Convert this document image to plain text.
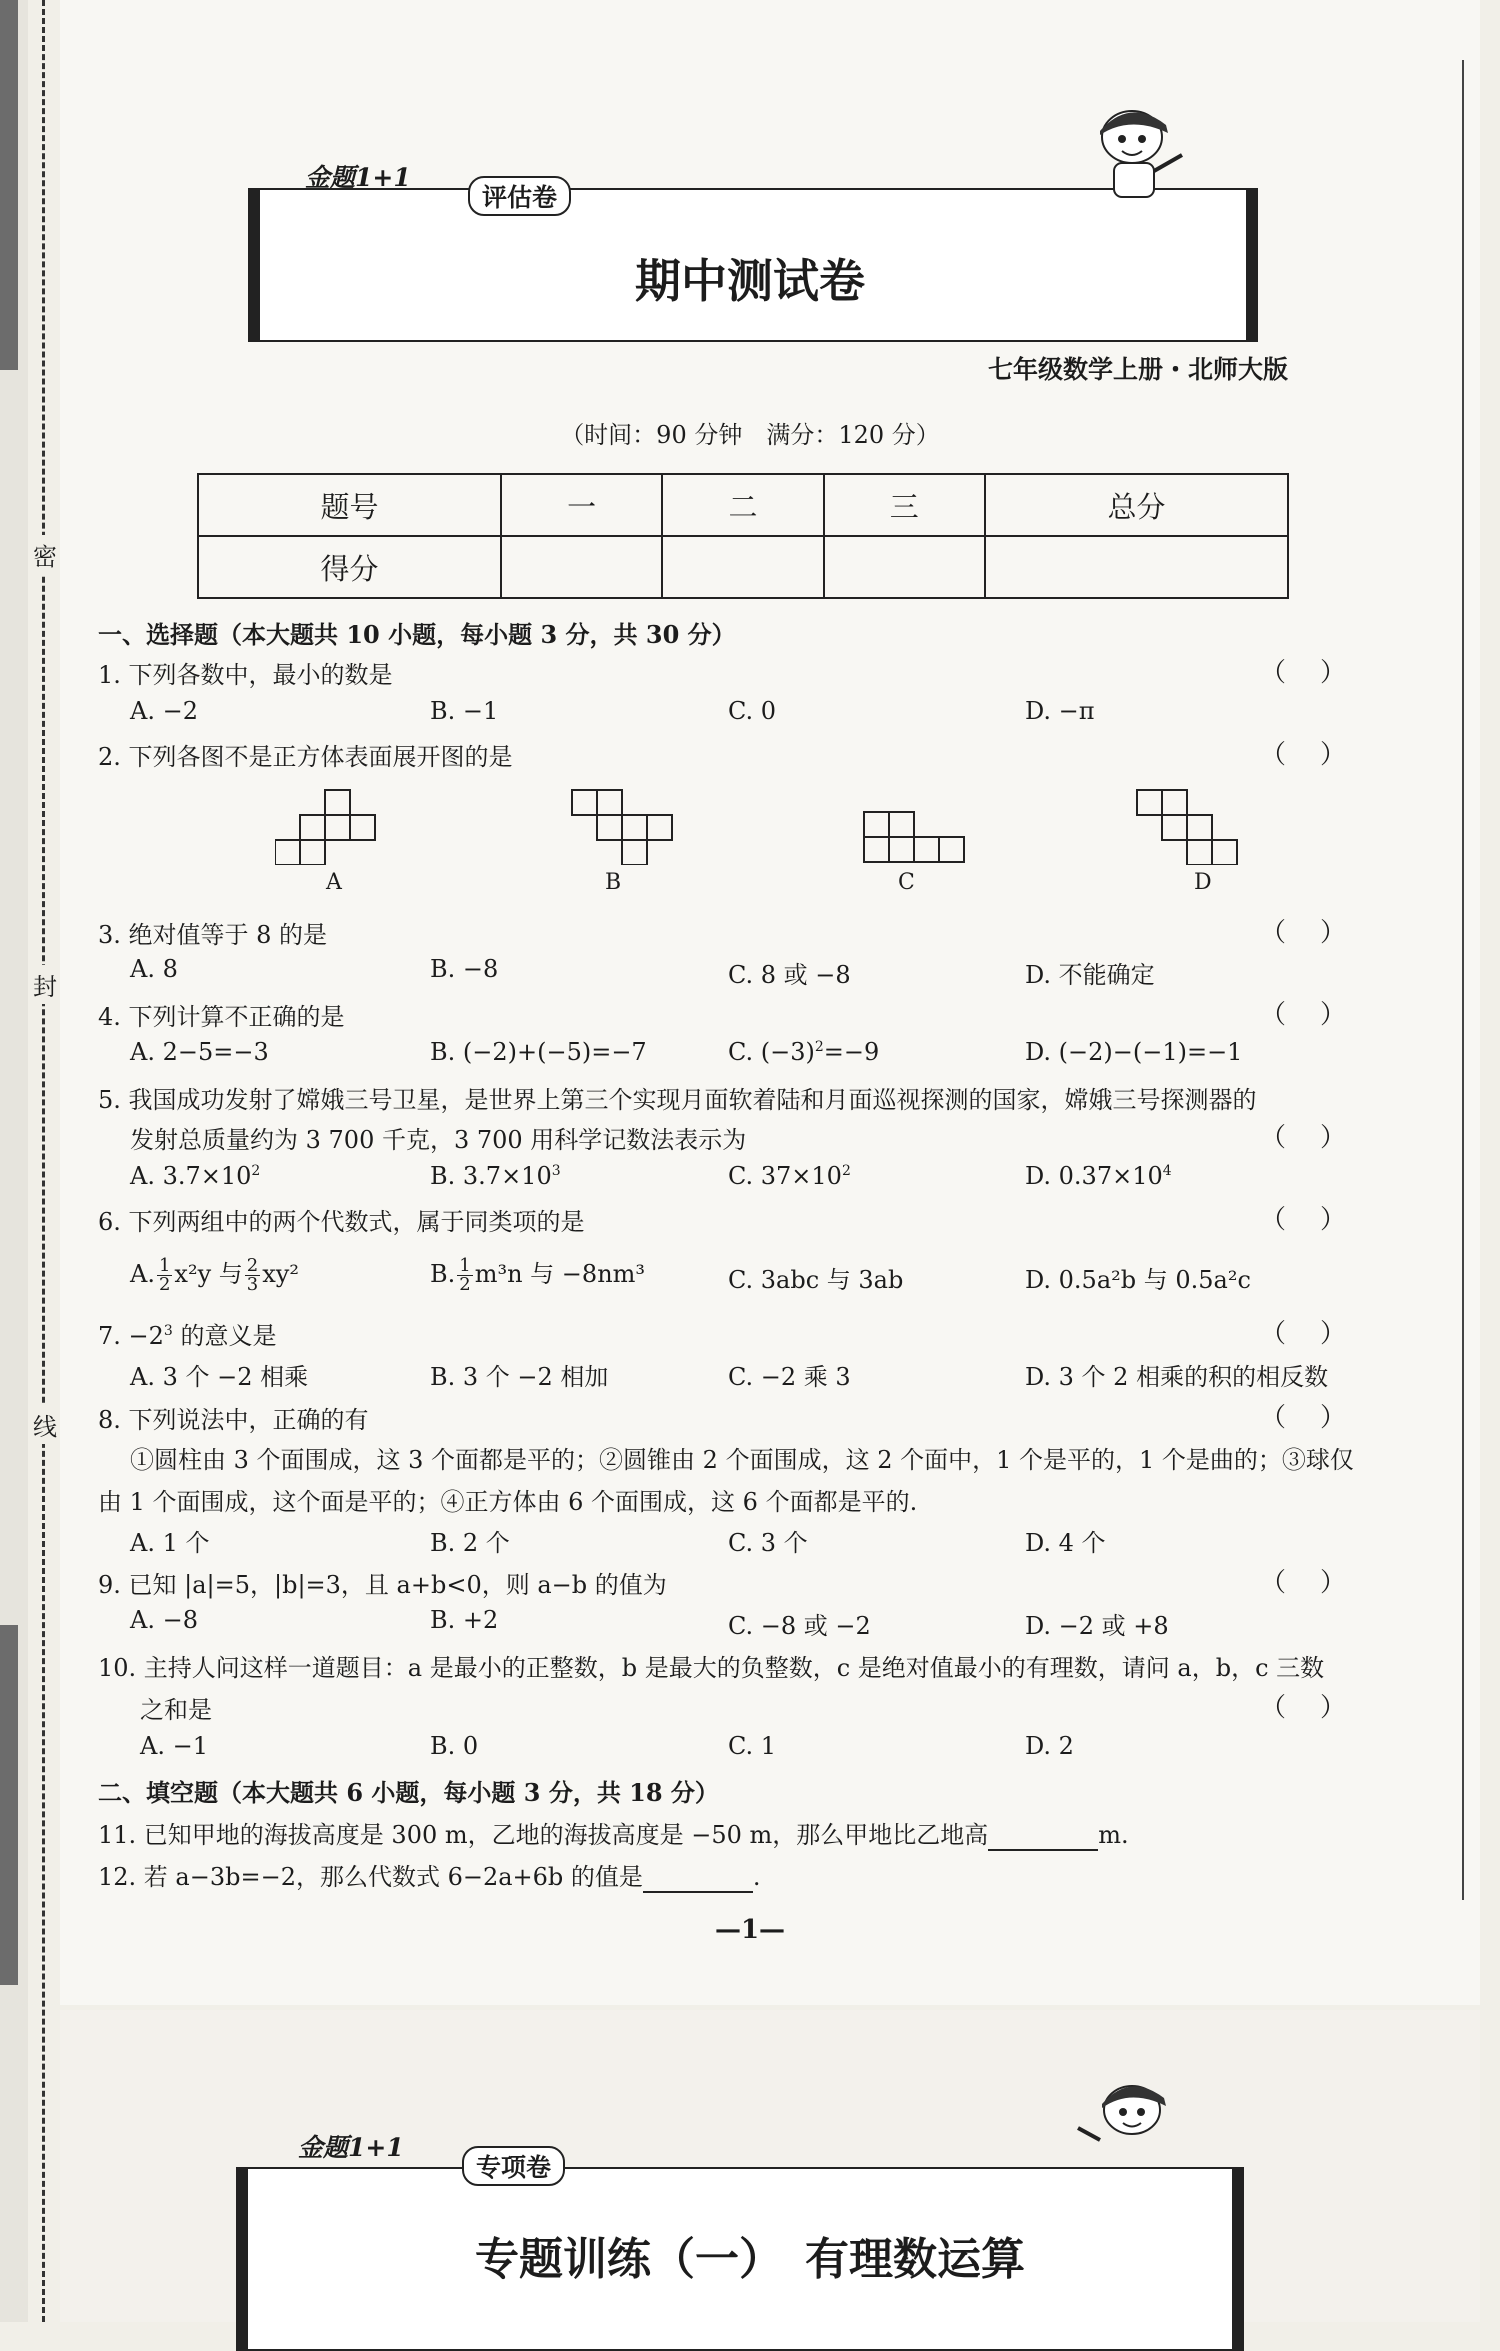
密
封
线
金题1+1
评估卷
期中测试卷
七年级数学上册・北师大版
（时间：90 分钟　满分：120 分）
题号	一	二	三	总分
得分				
一、选择题（本大题共 10 小题，每小题 3 分，共 30 分）
1. 下列各数中，最小的数是	（）
A. −2	B. −1	C. 0	D. −π
2. 下列各图不是正方体表面展开图的是	（）
A	B	C	D
3. 绝对值等于 8 的是	（）
A. 8	B. −8	C. 8 或 −8	D. 不能确定
4. 下列计算不正确的是	（）
A. 2−5=−3	B. (−2)+(−5)=−7	C. $(-3)^2=-9$	D. (−2)−(−1)=−1
5. 我国成功发射了嫦娥三号卫星，是世界上第三个实现月面软着陆和月面巡视探测的国家，嫦娥三号探测器的
发射总质量约为 3 700 千克，3 700 用科学记数法表示为	（）
A. $3.7\times 10^2$	B. $3.7\times 10^3$	C. $37\times 10^2$	D. $0.37\times 10^4$
6. 下列两组中的两个代数式，属于同类项的是	（）
A. $\frac{1}{2} x^2y$ 与 $\frac{2}{3} xy^2$	B. $\frac{1}{2} m^3n$ 与 −8nm³	C. 3abc 与 3ab	D. 0.5a²b 与 0.5a²c
7. $-2^3$ 的意义是	（）
A. 3 个 −2 相乘	B. 3 个 −2 相加	C. −2 乘 3	D. 3 个 2 相乘的积的相反数
8. 下列说法中，正确的有	（）
①圆柱由 3 个面围成，这 3 个面都是平的；②圆锥由 2 个面围成，这 2 个面中，1 个是平的，1 个是曲的；③球仅
由 1 个面围成，这个面是平的；④正方体由 6 个面围成，这 6 个面都是平的.
A. 1 个	B. 2 个	C. 3 个	D. 4 个
9. 已知 |a|=5，|b|=3，且 a+b<0，则 a−b 的值为	（）
A. −8	B. +2	C. −8 或 −2	D. −2 或 +8
10. 主持人问这样一道题目：a 是最小的正整数，b 是最大的负整数，c 是绝对值最小的有理数，请问 a，b，c 三数
之和是	（）
A. −1	B. 0	C. 1	D. 2
二、填空题（本大题共 6 小题，每小题 3 分，共 18 分）
11. 已知甲地的海拔高度是 300 m，乙地的海拔高度是 −50 m，那么甲地比乙地高	m.
12. 若 a−3b=−2，那么代数式 6−2a+6b 的值是	.
—1—
金题1+1
专项卷
专题训练（一）　有理数运算
